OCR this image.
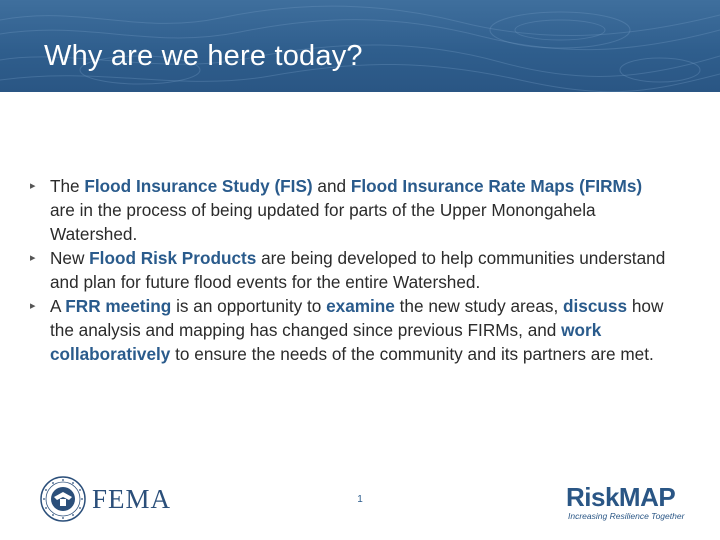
Why are we here today?
▸ The Flood Insurance Study (FIS) and Flood Insurance Rate Maps (FIRMs) are in the process of being updated for parts of the Upper Monongahela Watershed.
▸ New Flood Risk Products are being developed to help communities understand and plan for future flood events for the entire Watershed.
▸ A FRR meeting is an opportunity to examine the new study areas, discuss how the analysis and mapping has changed since previous FIRMs, and work collaboratively to ensure the needs of the community and its partners are met.
FEMA	1	RiskMAP
Increasing Resilience Together
